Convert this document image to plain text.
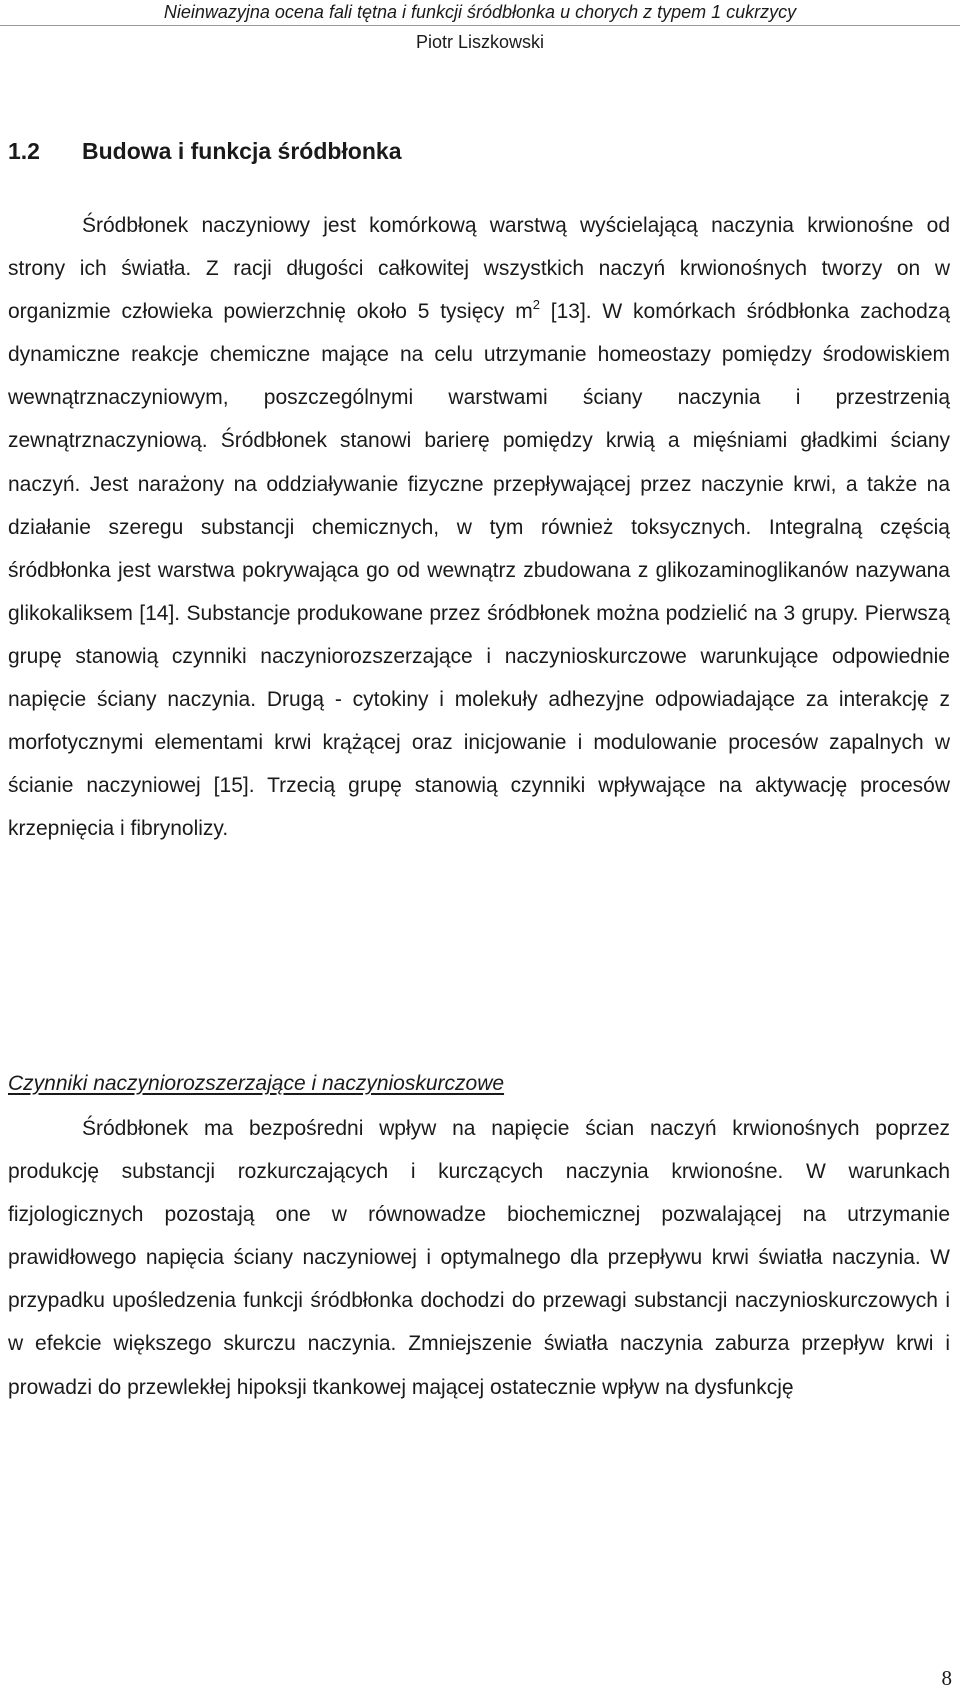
Nieinwazyjna ocena fali tętna i funkcji śródbłonka u chorych z typem 1 cukrzycy
Piotr Liszkowski
1.2 Budowa i funkcja śródbłonka

Śródbłonek naczyniowy jest komórkową warstwą wyścielającą naczynia krwionośne od strony ich światła. Z racji długości całkowitej wszystkich naczyń krwionośnych tworzy on w organizmie człowieka powierzchnię około 5 tysięcy $m^2$ [13]. W komórkach śródbłonka zachodzą dynamiczne reakcje chemiczne mające na celu utrzymanie homeostazy pomiędzy środowiskiem wewnątrznaczyniowym, poszczególnymi warstwami ściany naczynia i przestrzenią zewnątrznaczyniową. Śródbłonek stanowi barierę pomiędzy krwią a mięśniami gładkimi ściany naczyń. Jest narażony na oddziaływanie fizyczne przepływającej przez naczynie krwi, a także na działanie szeregu substancji chemicznych, w tym również toksycznych. Integralną częścią śródbłonka jest warstwa pokrywająca go od wewnątrz zbudowana z glikozaminoglikanów nazywana glikokaliksem [14]. Substancje produkowane przez śródbłonek można podzielić na 3 grupy. Pierwszą grupę stanowią czynniki naczyniorozszerzające i naczynioskurczowe warunkujące odpowiednie napięcie ściany naczynia. Drugą - cytokiny i molekuły adhezyjne odpowiadające za interakcję z morfotycznymi elementami krwi krążącej oraz inicjowanie i modulowanie procesów zapalnych w ścianie naczyniowej [15]. Trzecią grupę stanowią czynniki wpływające na aktywację procesów krzepnięcia i fibrynolizy.

Czynniki naczyniorozszerzające i naczynioskurczowe

Śródbłonek ma bezpośredni wpływ na napięcie ścian naczyń krwionośnych poprzez produkcję substancji rozkurczających i kurczących naczynia krwionośne. W warunkach fizjologicznych pozostają one w równowadze biochemicznej pozwalającej na utrzymanie prawidłowego napięcia ściany naczyniowej i optymalnego dla przepływu krwi światła naczynia. W przypadku upośledzenia funkcji śródbłonka dochodzi do przewagi substancji naczynioskurczowych i w efekcie większego skurczu naczynia. Zmniejszenie światła naczynia zaburza przepływ krwi i prowadzi do przewlekłej hipoksji tkankowej mającej ostatecznie wpływ na dysfunkcję

8
